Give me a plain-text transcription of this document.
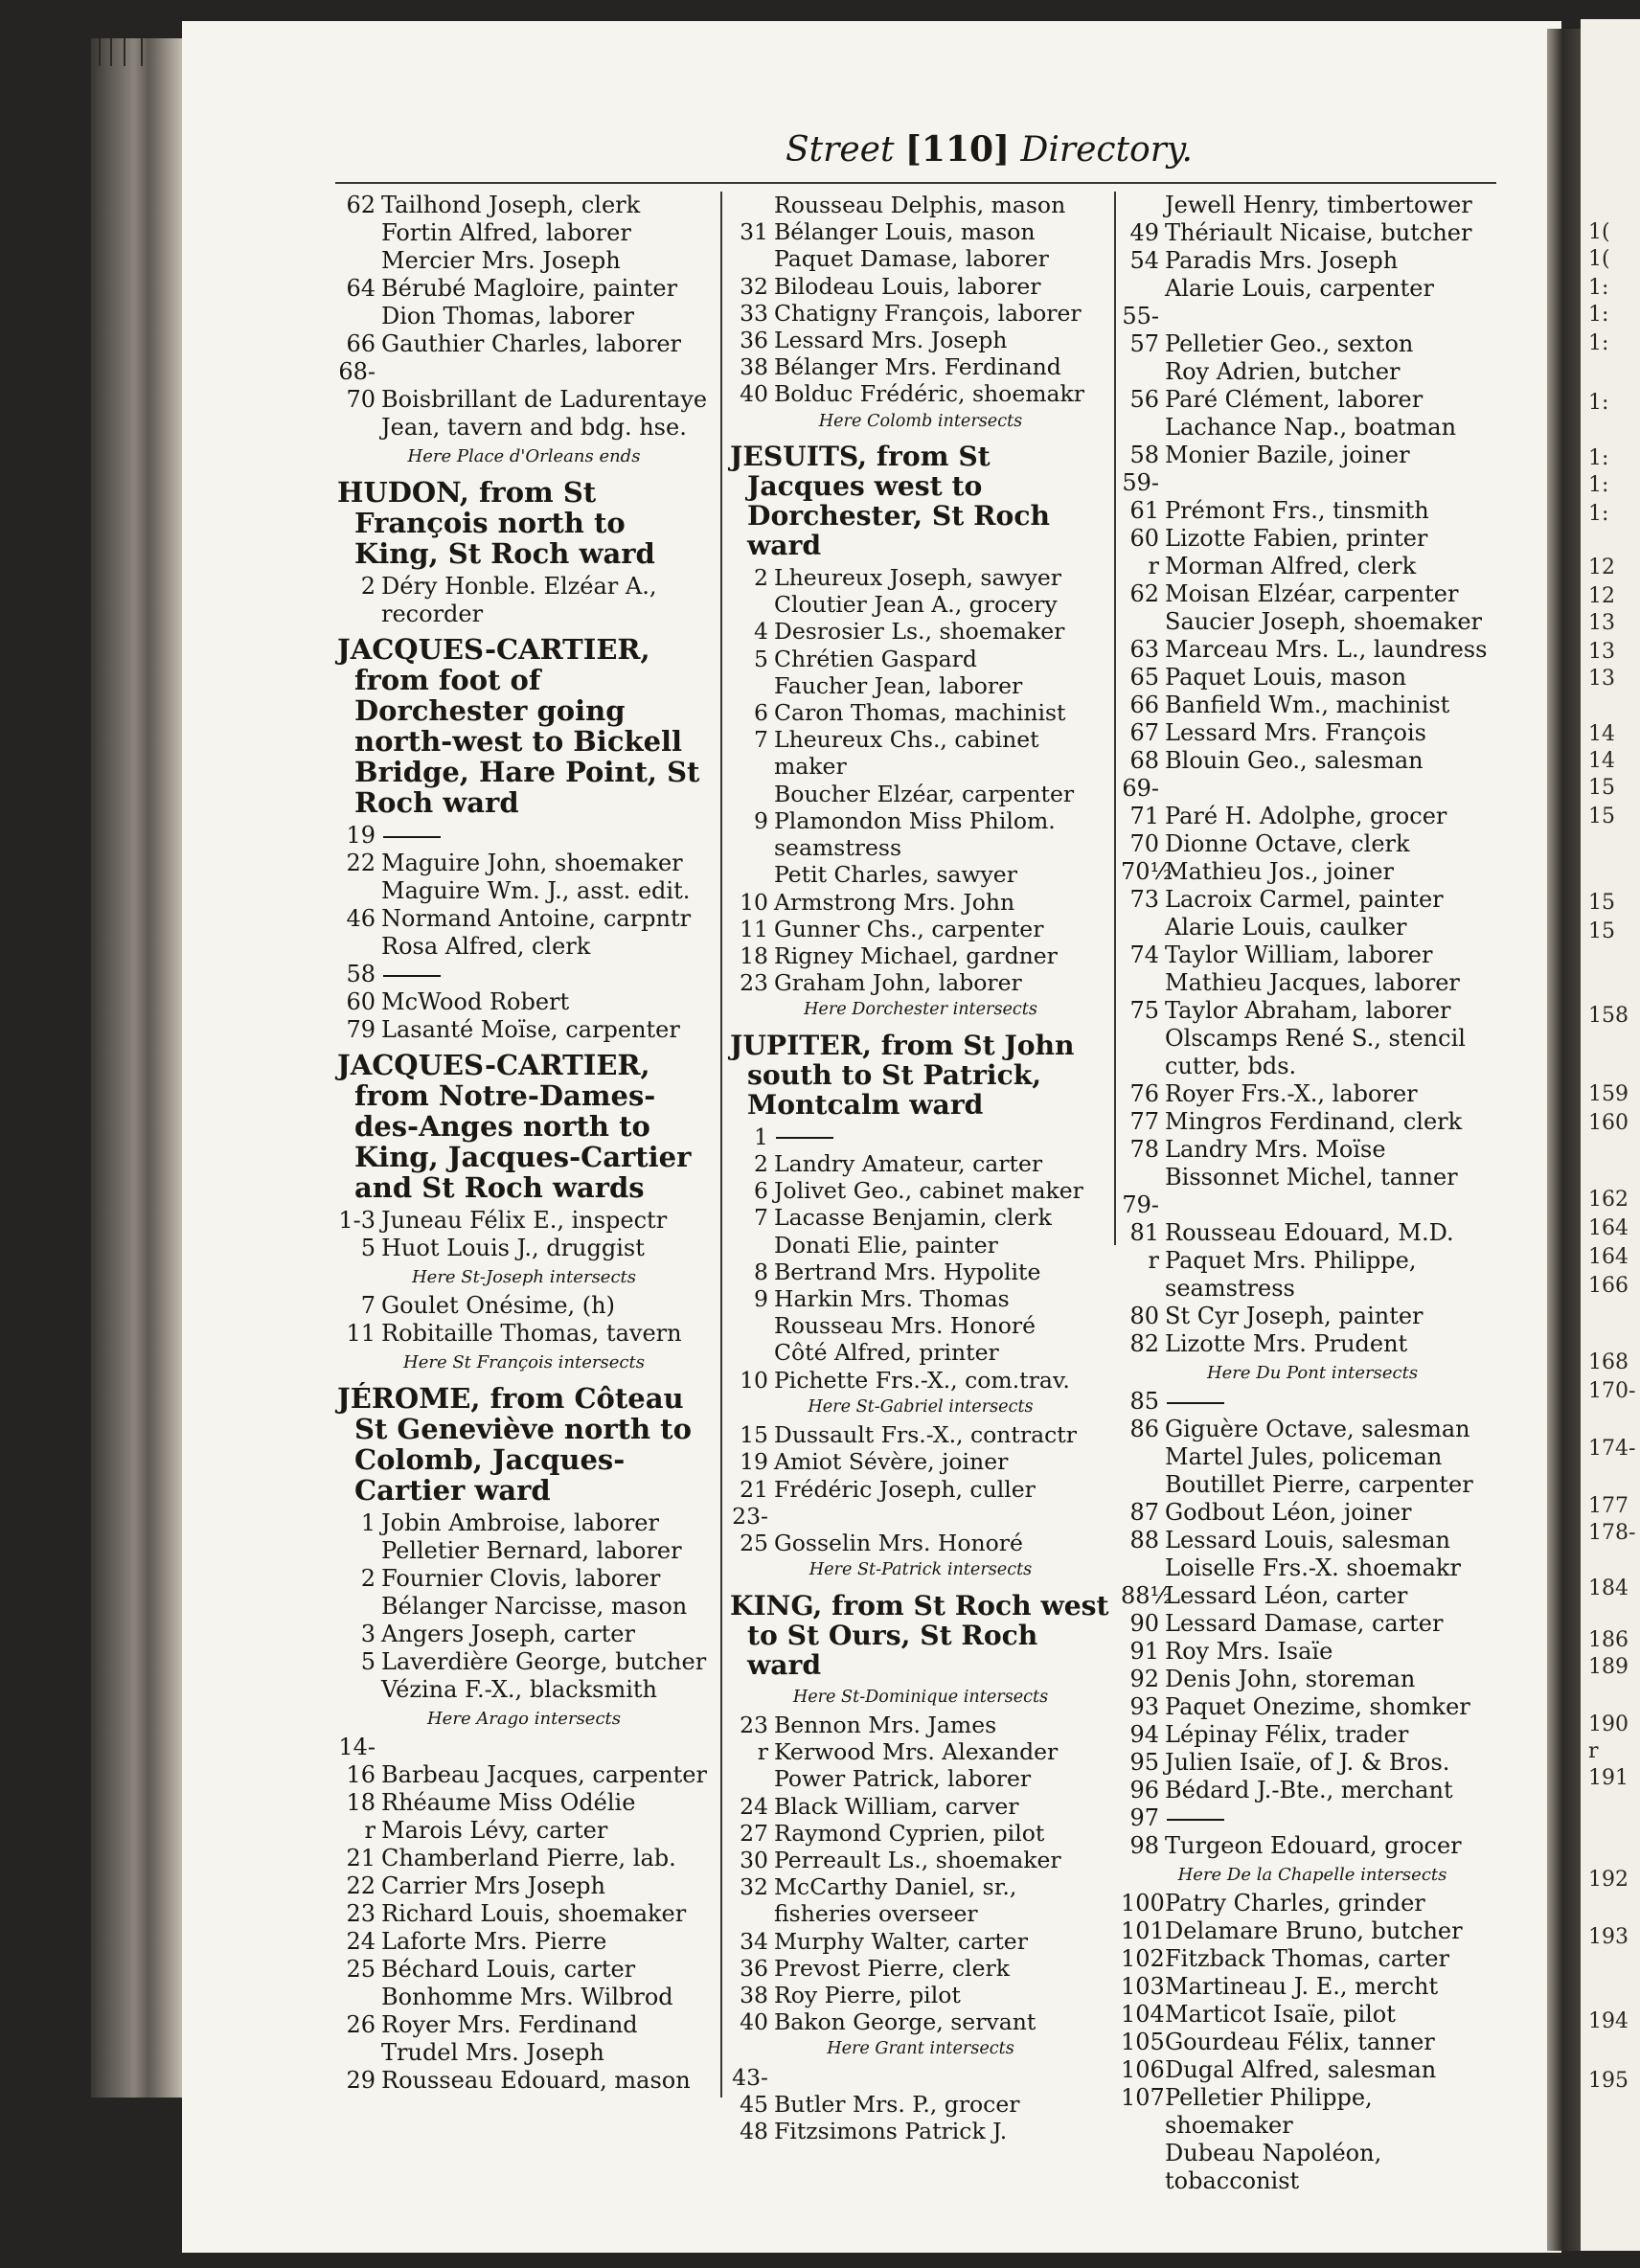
1(
1(
1:
1:
1:
1:
1:
1:
1:
12
12
13
13
13
14
14
15
15
15
15
158
159
160
162
164
164
166
168
170-
174-
177
178-
184
186
189
190
r
191
192
193
194
195
Street [110] Directory.
62 Tailhond Joseph, clerk
Fortin Alfred, laborer
Mercier Mrs. Joseph
64 Bérubé Magloire, painter
Dion Thomas, laborer
66 Gauthier Charles, laborer
68-70 Boisbrillant de Ladurentaye Jean, tavern and bdg. hse.
Here Place d'Orleans ends
HUDON, from St François north to King, St Roch ward
2 Déry Honble. Elzéar A., recorder
JACQUES-CARTIER, from foot of Dorchester going north-west to Bickell Bridge, Hare Point, St Roch ward
19
22 Maguire John, shoemaker
Maguire Wm. J., asst. edit.
46 Normand Antoine, carpntr
Rosa Alfred, clerk
58
60 McWood Robert
79 Lasanté Moïse, carpenter
JACQUES-CARTIER, from Notre-Dames-des-Anges north to King, Jacques-Cartier and St Roch wards
1-3 Juneau Félix E., inspectr
5 Huot Louis J., druggist
Here St-Joseph intersects
7 Goulet Onésime, (h)
11 Robitaille Thomas, tavern
Here St François intersects
JÉROME, from Côteau St Geneviève north to Colomb, Jacques-Cartier ward
1 Jobin Ambroise, laborer
Pelletier Bernard, laborer
2 Fournier Clovis, laborer
Bélanger Narcisse, mason
3 Angers Joseph, carter
5 Laverdière George, butcher
Vézina F.-X., blacksmith
Here Arago intersects
14-16 Barbeau Jacques, carpenter
18 Rhéaume Miss Odélie
r Marois Lévy, carter
21 Chamberland Pierre, lab.
22 Carrier Mrs Joseph
23 Richard Louis, shoemaker
24 Laforte Mrs. Pierre
25 Béchard Louis, carter
Bonhomme Mrs. Wilbrod
26 Royer Mrs. Ferdinand
Trudel Mrs. Joseph
29 Rousseau Edouard, mason
Rousseau Delphis, mason
31 Bélanger Louis, mason
Paquet Damase, laborer
32 Bilodeau Louis, laborer
33 Chatigny François, laborer
36 Lessard Mrs. Joseph
38 Bélanger Mrs. Ferdinand
40 Bolduc Frédéric, shoemakr
Here Colomb intersects
JESUITS, from St Jacques west to Dorchester, St Roch ward
2 Lheureux Joseph, sawyer
Cloutier Jean A., grocery
4 Desrosier Ls., shoemaker
5 Chrétien Gaspard
Faucher Jean, laborer
6 Caron Thomas, machinist
7 Lheureux Chs., cabinet maker
Boucher Elzéar, carpenter
9 Plamondon Miss Philom. seamstress
Petit Charles, sawyer
10 Armstrong Mrs. John
11 Gunner Chs., carpenter
18 Rigney Michael, gardner
23 Graham John, laborer
Here Dorchester intersects
JUPITER, from St John south to St Patrick, Montcalm ward
1
2 Landry Amateur, carter
6 Jolivet Geo., cabinet maker
7 Lacasse Benjamin, clerk
Donati Elie, painter
8 Bertrand Mrs. Hypolite
9 Harkin Mrs. Thomas
Rousseau Mrs. Honoré
Côté Alfred, printer
10 Pichette Frs.-X., com.trav.
Here St-Gabriel intersects
15 Dussault Frs.-X., contractr
19 Amiot Sévère, joiner
21 Frédéric Joseph, culler
23-25 Gosselin Mrs. Honoré
Here St-Patrick intersects
KING, from St Roch west to St Ours, St Roch ward
Here St-Dominique intersects
23 Bennon Mrs. James
r Kerwood Mrs. Alexander
Power Patrick, laborer
24 Black William, carver
27 Raymond Cyprien, pilot
30 Perreault Ls., shoemaker
32 McCarthy Daniel, sr., fisheries overseer
34 Murphy Walter, carter
36 Prevost Pierre, clerk
38 Roy Pierre, pilot
40 Bakon George, servant
Here Grant intersects
43-45 Butler Mrs. P., grocer
48 Fitzsimons Patrick J.
Jewell Henry, timbertower
49 Thériault Nicaise, butcher
54 Paradis Mrs. Joseph
Alarie Louis, carpenter
55-57 Pelletier Geo., sexton
Roy Adrien, butcher
56 Paré Clément, laborer
Lachance Nap., boatman
58 Monier Bazile, joiner
59-61 Prémont Frs., tinsmith
60 Lizotte Fabien, printer
r Morman Alfred, clerk
62 Moisan Elzéar, carpenter
Saucier Joseph, shoemaker
63 Marceau Mrs. L., laundress
65 Paquet Louis, mason
66 Banfield Wm., machinist
67 Lessard Mrs. François
68 Blouin Geo., salesman
69-71 Paré H. Adolphe, grocer
70 Dionne Octave, clerk
70½Mathieu Jos., joiner
73 Lacroix Carmel, painter
Alarie Louis, caulker
74 Taylor William, laborer
Mathieu Jacques, laborer
75 Taylor Abraham, laborer
Olscamps René S., stencil cutter, bds.
76 Royer Frs.-X., laborer
77 Mingros Ferdinand, clerk
78 Landry Mrs. Moïse
Bissonnet Michel, tanner
79-81 Rousseau Edouard, M.D.
r Paquet Mrs. Philippe, seamstress
80 St Cyr Joseph, painter
82 Lizotte Mrs. Prudent
Here Du Pont intersects
85
86 Giguère Octave, salesman
Martel Jules, policeman
Boutillet Pierre, carpenter
87 Godbout Léon, joiner
88 Lessard Louis, salesman
Loiselle Frs.-X. shoemakr
88½Lessard Léon, carter
90 Lessard Damase, carter
91 Roy Mrs. Isaïe
92 Denis John, storeman
93 Paquet Onezime, shomker
94 Lépinay Félix, trader
95 Julien Isaïe, of J. & Bros.
96 Bédard J.-Bte., merchant
97
98 Turgeon Edouard, grocer
Here De la Chapelle intersects
100Patry Charles, grinder
101Delamare Bruno, butcher
102Fitzback Thomas, carter
103Martineau J. E., mercht
104Marticot Isaïe, pilot
105Gourdeau Félix, tanner
106Dugal Alfred, salesman
107Pelletier Philippe, shoemaker
Dubeau Napoléon, tobacconist
